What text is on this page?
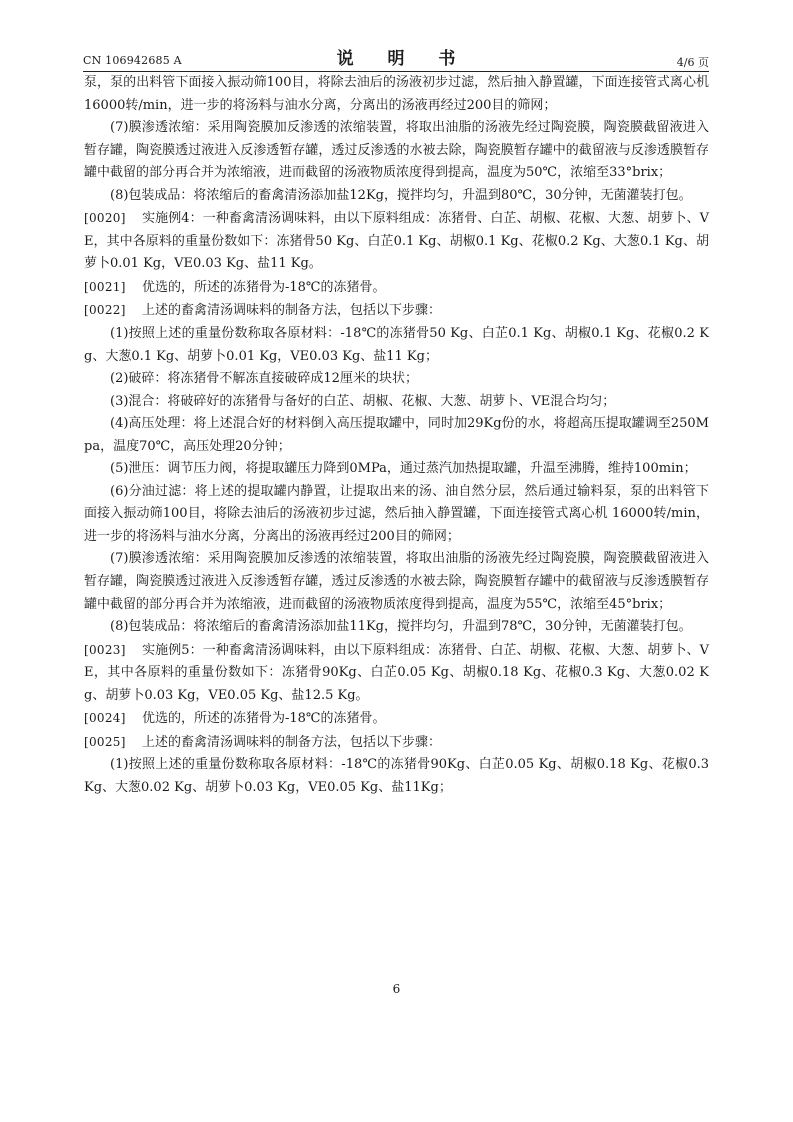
CN 106942685 A	说 明 书	4/6 页

泵，泵的出料管下面接入振动筛100目，将除去油后的汤液初步过滤，然后抽入静置罐，下面连接管式离心机 16000转/min，进一步的将汤料与油水分离，分离出的汤液再经过200目的筛网；

(7)膜渗透浓缩：采用陶瓷膜加反渗透的浓缩装置，将取出油脂的汤液先经过陶瓷膜，陶瓷膜截留液进入暂存罐，陶瓷膜透过液进入反渗透暂存罐，透过反渗透的水被去除，陶瓷膜暂存罐中的截留液与反渗透膜暂存罐中截留的部分再合并为浓缩液，进而截留的汤液物质浓度得到提高，温度为50℃，浓缩至33°brix；

(8)包装成品：将浓缩后的畜禽清汤添加盐12Kg，搅拌均匀，升温到80℃，30分钟，无菌灌装打包。

[0020] 实施例4：一种畜禽清汤调味料，由以下原料组成：冻猪骨、白芷、胡椒、花椒、大葱、胡萝卜、VE，其中各原料的重量份数如下：冻猪骨50 Kg、白芷0.1 Kg、胡椒0.1 Kg、花椒0.2 Kg、大葱0.1 Kg、胡萝卜0.01 Kg，VE0.03 Kg、盐11 Kg。

[0021] 优选的，所述的冻猪骨为-18℃的冻猪骨。

[0022] 上述的畜禽清汤调味料的制备方法，包括以下步骤：

(1)按照上述的重量份数称取各原材料：-18℃的冻猪骨50 Kg、白芷0.1 Kg、胡椒0.1 Kg、花椒0.2 Kg、大葱0.1 Kg、胡萝卜0.01 Kg，VE0.03 Kg、盐11 Kg；

(2)破碎：将冻猪骨不解冻直接破碎成12厘米的块状；

(3)混合：将破碎好的冻猪骨与备好的白芷、胡椒、花椒、大葱、胡萝卜、VE混合均匀；

(4)高压处理：将上述混合好的材料倒入高压提取罐中，同时加29Kg份的水，将超高压提取罐调至250Mpa，温度70℃，高压处理20分钟；

(5)泄压：调节压力阀，将提取罐压力降到0MPa，通过蒸汽加热提取罐，升温至沸腾，维持100min；

(6)分油过滤：将上述的提取罐内静置，让提取出来的汤、油自然分层，然后通过输料泵，泵的出料管下面接入振动筛100目，将除去油后的汤液初步过滤，然后抽入静置罐，下面连接管式离心机 16000转/min，进一步的将汤料与油水分离，分离出的汤液再经过200目的筛网；

(7)膜渗透浓缩：采用陶瓷膜加反渗透的浓缩装置，将取出油脂的汤液先经过陶瓷膜，陶瓷膜截留液进入暂存罐，陶瓷膜透过液进入反渗透暂存罐，透过反渗透的水被去除，陶瓷膜暂存罐中的截留液与反渗透膜暂存罐中截留的部分再合并为浓缩液，进而截留的汤液物质浓度得到提高，温度为55℃，浓缩至45°brix；

(8)包装成品：将浓缩后的畜禽清汤添加盐11Kg，搅拌均匀，升温到78℃，30分钟，无菌灌装打包。

[0023] 实施例5：一种畜禽清汤调味料，由以下原料组成：冻猪骨、白芷、胡椒、花椒、大葱、胡萝卜、VE，其中各原料的重量份数如下：冻猪骨90Kg、白芷0.05 Kg、胡椒0.18 Kg、花椒0.3 Kg、大葱0.02 Kg、胡萝卜0.03 Kg，VE0.05 Kg、盐12.5 Kg。

[0024] 优选的，所述的冻猪骨为-18℃的冻猪骨。

[0025] 上述的畜禽清汤调味料的制备方法，包括以下步骤：

(1)按照上述的重量份数称取各原材料：-18℃的冻猪骨90Kg、白芷0.05 Kg、胡椒0.18 Kg、花椒0.3 Kg、大葱0.02 Kg、胡萝卜0.03 Kg，VE0.05 Kg、盐11Kg；

6
